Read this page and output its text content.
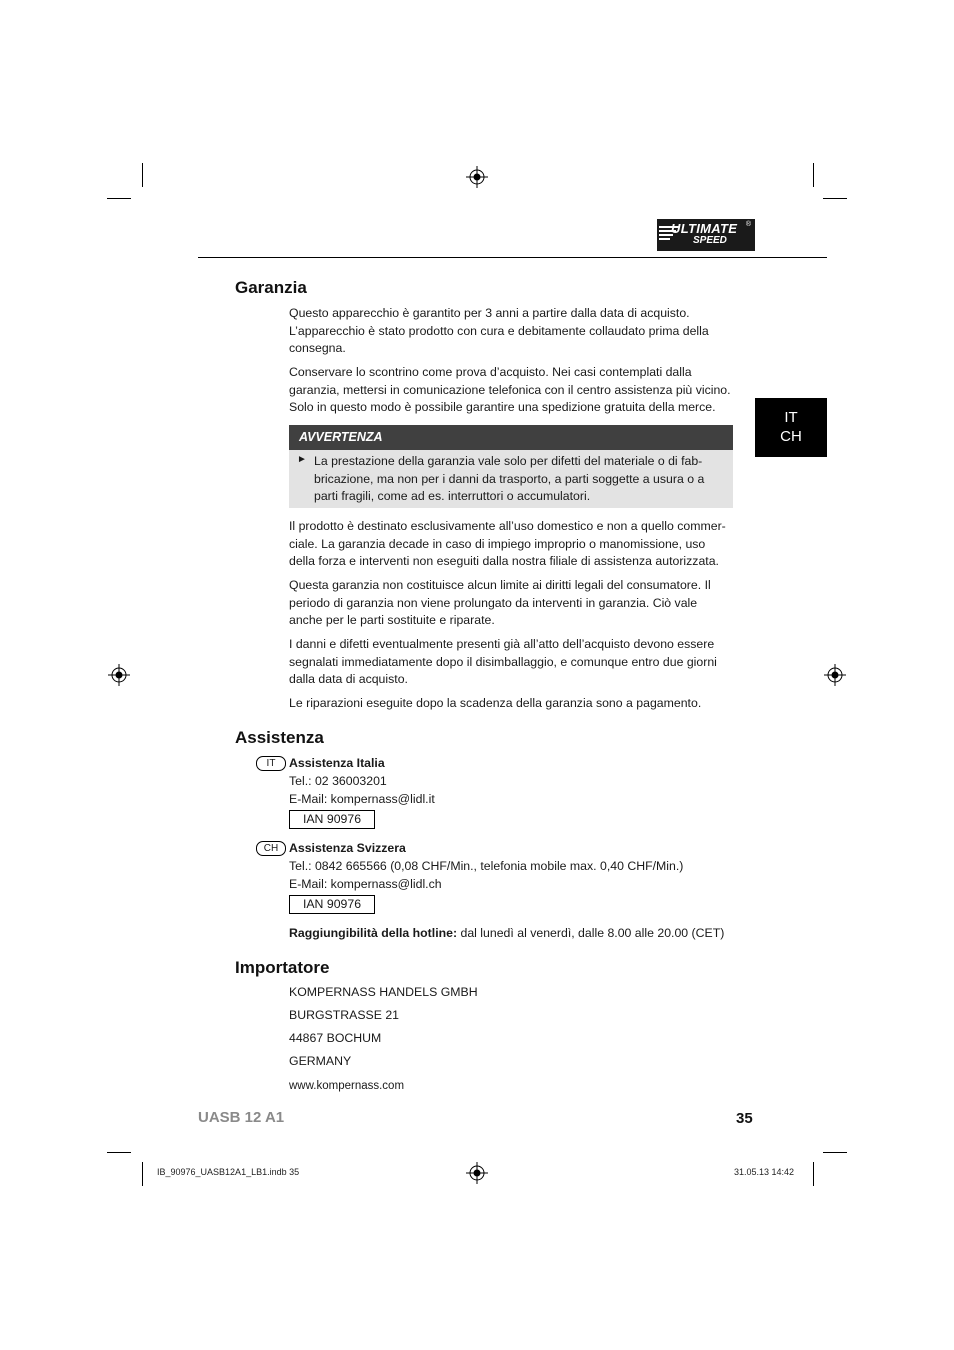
ULTIMATE
SPEED
®
IT
CH
Garanzia

Questo apparecchio è garantito per 3 anni a partire dalla data di acquisto.

L’apparecchio è stato prodotto con cura e debitamente collaudato prima della

consegna.

Conservare lo scontrino come prova d’acquisto. Nei casi contemplati dalla

garanzia, mettersi in comunicazione telefonica con il centro assistenza più vicino.

Solo in questo modo è possibile garantire una spedizione gratuita della merce.

AVVERTENZA
► La prestazione della garanzia vale solo per difetti del materiale o di fab-
bricazione, ma non per i danni da trasporto, a parti soggette a usura o a
parti fragili, come ad es. interruttori o accumulatori.

Il prodotto è destinato esclusivamente all’uso domestico e non a quello commer-

ciale. La garanzia decade in caso di impiego improprio o manomissione, uso

della forza e interventi non eseguiti dalla nostra filiale di assistenza autorizzata.

Questa garanzia non costituisce alcun limite ai diritti legali del consumatore. Il

periodo di garanzia non viene prolungato da interventi in garanzia. Ciò vale

anche per le parti sostituite e riparate.

I danni e difetti eventualmente presenti già all’atto dell’acquisto devono essere

segnalati immediatamente dopo il disimballaggio, e comunque entro due giorni

dalla data di acquisto.

Le riparazioni eseguite dopo la scadenza della garanzia sono a pagamento.

Assistenza
IT	Assistenza Italia
Tel.: 02 36003201
E-Mail: kompernass@lidl.it
IAN 90976
CH Assistenza Svizzera
Tel.: 0842 665566 (0,08 CHF/Min., telefonia mobile max. 0,40 CHF/Min.)
E-Mail: kompernass@lidl.ch
IAN 90976
Raggiungibilità della hotline: dal lunedì al venerdì, dalle 8.00 alle 20.00 (CET)
Importatore
KOMPERNASS HANDELS GMBH
BURGSTRASSE 21
44867 BOCHUM
GERMANY
www.kompernass.com
UASB 12 A1	35
IB_90976_UASB12A1_LB1.indb 35	31.05.13 14:42
